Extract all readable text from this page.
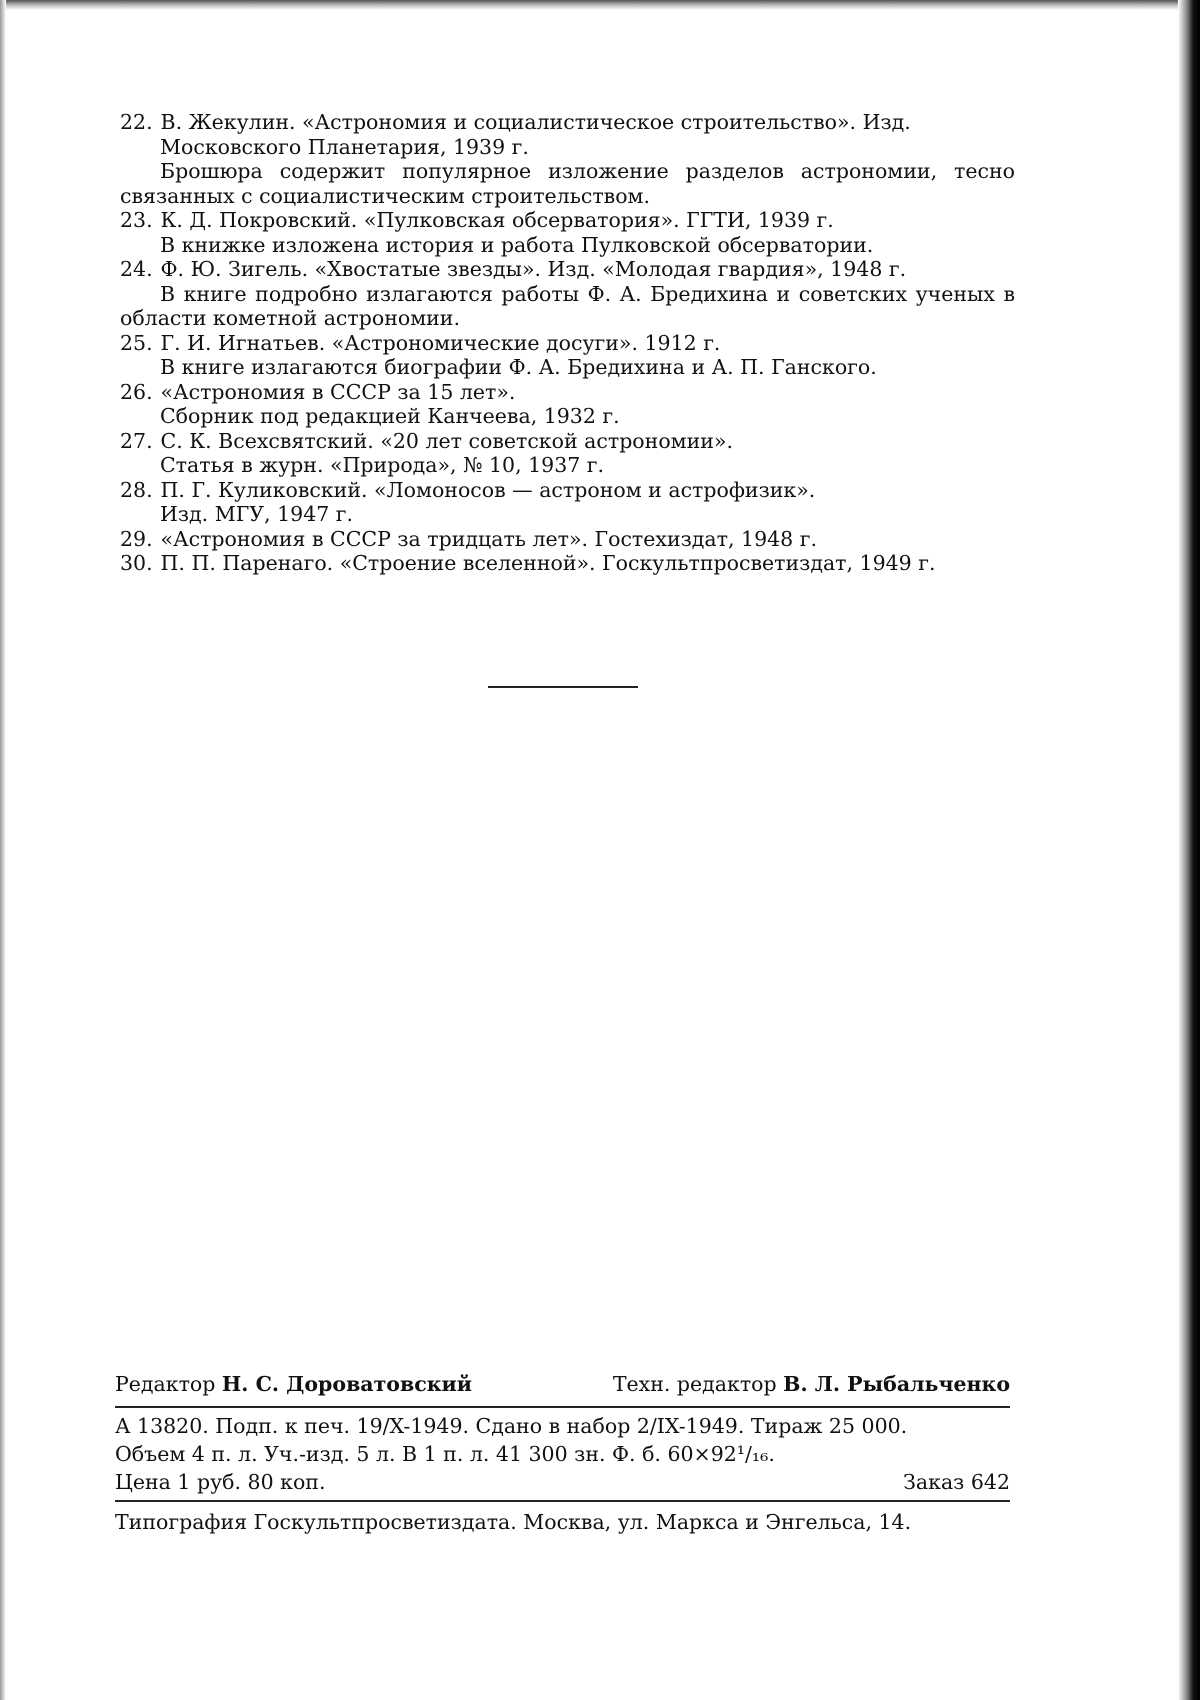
22. В. Жекулин. «Астрономия и социалистическое строительство». Изд.

Московского Планетария, 1939 г.

Брошюра содержит популярное изложение разделов астрономии, тесно связанных с социалистическим строительством.

23. К. Д. Покровский. «Пулковская обсерватория». ГГТИ, 1939 г.

В книжке изложена история и работа Пулковской обсерватории.

24. Ф. Ю. Зигель. «Хвостатые звезды». Изд. «Молодая гвардия», 1948 г.

В книге подробно излагаются работы Ф. А. Бредихина и советских ученых в области кометной астрономии.

25. Г. И. Игнатьев. «Астрономические досуги». 1912 г.

В книге излагаются биографии Ф. А. Бредихина и А. П. Ганского.

26. «Астрономия в СССР за 15 лет».

Сборник под редакцией Канчеева, 1932 г.

27. С. К. Всехсвятский. «20 лет советской астрономии».

Статья в журн. «Природа», № 10, 1937 г.

28. П. Г. Куликовский. «Ломоносов — астроном и астрофизик».

Изд. МГУ, 1947 г.

29. «Астрономия в СССР за тридцать лет». Гостехиздат, 1948 г.

30. П. П. Паренаго. «Строение вселенной». Госкультпросветиздат, 1949 г.

Редактор Н. С. Дороватовский	Техн. редактор В. Л. Рыбальченко

А 13820. Подп. к печ. 19/X-1949. Сдано в набор 2/IX-1949. Тираж 25 000.

Объем 4 п. л. Уч.-изд. 5 л. В 1 п. л. 41 300 зн. Ф. б. 60×92¹/₁₆.

Цена 1 руб. 80 коп.	Заказ 642

Типография Госкультпросветиздата. Москва, ул. Маркса и Энгельса, 14.
